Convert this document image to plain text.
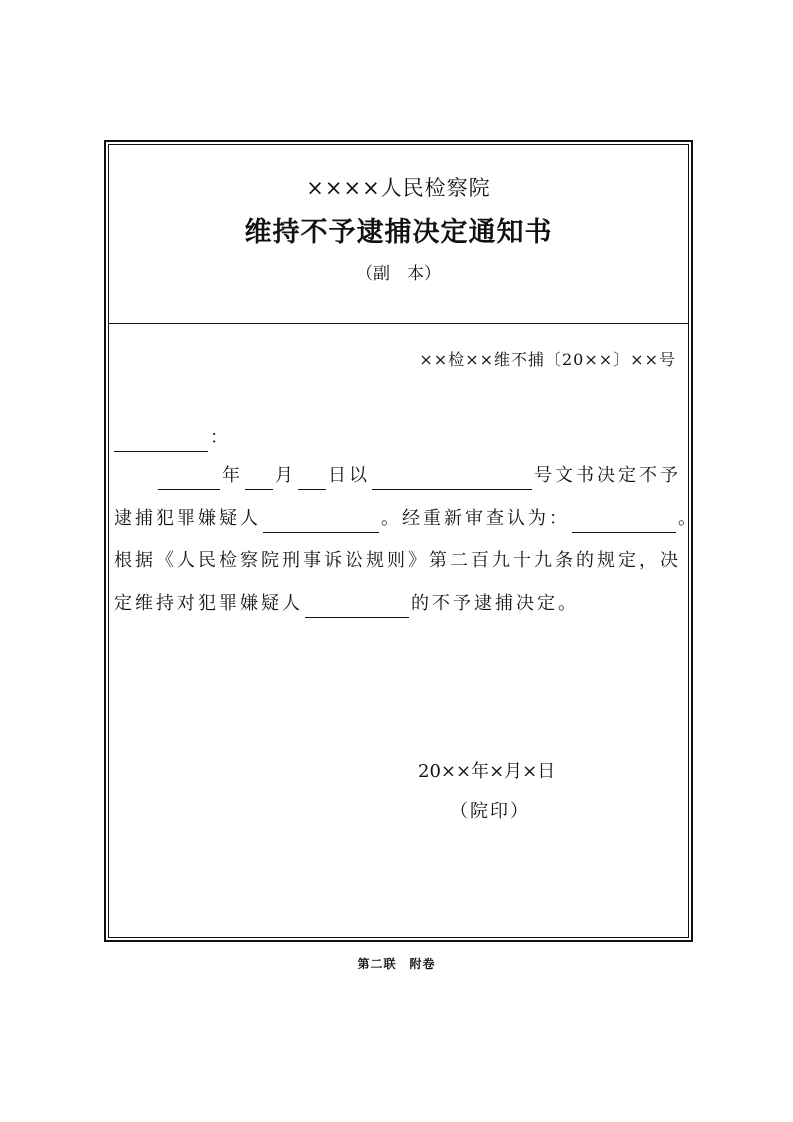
××××人民检察院
维持不予逮捕决定通知书
（副　本）
××检××维不捕〔20××〕××号
：
年 月 日以	号文书决定不予
逮捕犯罪嫌疑人	。经重新审查认为：	。
根据《人民检察院刑事诉讼规则》第二百九十九条的规定，决
定维持对犯罪嫌疑人	的不予逮捕决定。
20××年×月×日
（院印）
第二联　附卷
